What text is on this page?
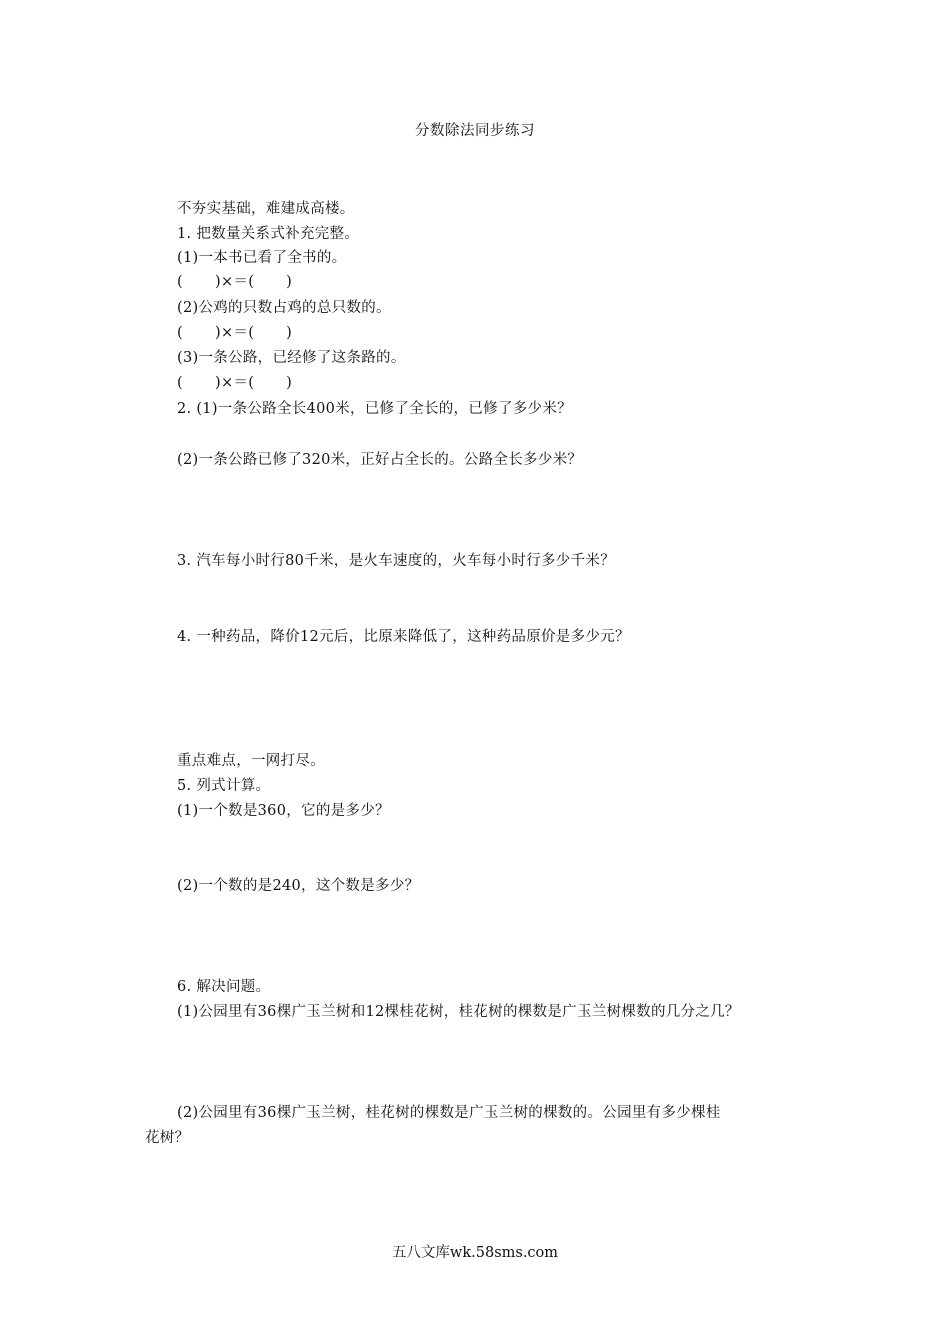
分数除法同步练习
不夯实基础，难建成高楼。
1. 把数量关系式补充完整。
(1)一本书已看了全书的。
( )×＝( )
(2)公鸡的只数占鸡的总只数的。
( )×＝( )
(3)一条公路，已经修了这条路的。
( )×＝( )
2. (1)一条公路全长400米，已修了全长的，已修了多少米？
(2)一条公路已修了320米，正好占全长的。公路全长多少米？
3. 汽车每小时行80千米，是火车速度的，火车每小时行多少千米？
4. 一种药品，降价12元后，比原来降低了，这种药品原价是多少元？
重点难点，一网打尽。
5. 列式计算。
(1)一个数是360，它的是多少？
(2)一个数的是240，这个数是多少？
6. 解决问题。
(1)公园里有36棵广玉兰树和12棵桂花树，桂花树的棵数是广玉兰树棵数的几分之几？
(2)公园里有36棵广玉兰树，桂花树的棵数是广玉兰树的棵数的。公园里有多少棵桂
花树？
五八文库wk.58sms.com
